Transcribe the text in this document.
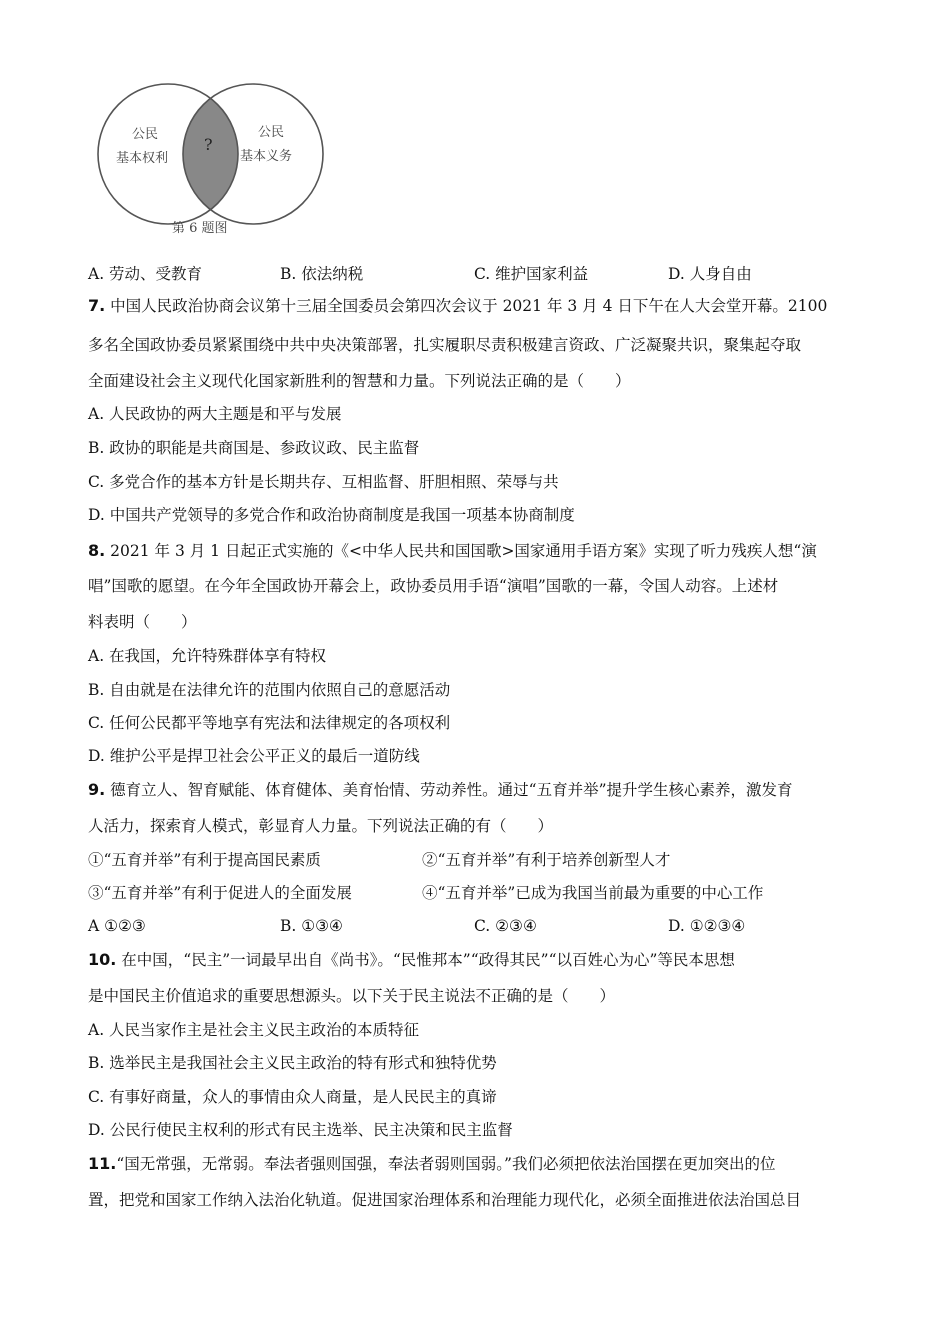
公民
基本权利
公民
基本义务
?
第 6 题图
A. 劳动、受教育	B. 依法纳税	C. 维护国家利益	D. 人身自由
7. 中国人民政治协商会议第十三届全国委员会第四次会议于 2021 年 3 月 4 日下午在人大会堂开幕。2100
多名全国政协委员紧紧围绕中共中央决策部署，扎实履职尽责积极建言资政、广泛凝聚共识，聚集起夺取
全面建设社会主义现代化国家新胜利的智慧和力量。下列说法正确的是（　　）
A. 人民政协的两大主题是和平与发展
B. 政协的职能是共商国是、参政议政、民主监督
C. 多党合作的基本方针是长期共存、互相监督、肝胆相照、荣辱与共
D. 中国共产党领导的多党合作和政治协商制度是我国一项基本协商制度
8. 2021 年 3 月 1 日起正式实施的《<中华人民共和国国歌>国家通用手语方案》实现了听力残疾人想“演
唱”国歌的愿望。在今年全国政协开幕会上，政协委员用手语“演唱”国歌的一幕，令国人动容。上述材
料表明（　　）
A. 在我国，允许特殊群体享有特权
B. 自由就是在法律允许的范围内依照自己的意愿活动
C. 任何公民都平等地享有宪法和法律规定的各项权利
D. 维护公平是捍卫社会公平正义的最后一道防线
9. 德育立人、智育赋能、体育健体、美育怡情、劳动养性。通过“五育并举”提升学生核心素养，激发育
人活力，探索育人模式，彰显育人力量。下列说法正确的有（　　）
①“五育并举”有利于提高国民素质	②“五育并举”有利于培养创新型人才
③“五育并举”有利于促进人的全面发展	④“五育并举”已成为我国当前最为重要的中心工作
A ①②③	B. ①③④	C. ②③④	D. ①②③④
10. 在中国，“民主”一词最早出自《尚书》。“民惟邦本”“政得其民”“以百姓心为心”等民本思想
是中国民主价值追求的重要思想源头。以下关于民主说法不正确的是（　　）
A. 人民当家作主是社会主义民主政治的本质特征
B. 选举民主是我国社会主义民主政治的特有形式和独特优势
C. 有事好商量，众人的事情由众人商量，是人民民主的真谛
D. 公民行使民主权利的形式有民主选举、民主决策和民主监督
11.“国无常强，无常弱。奉法者强则国强，奉法者弱则国弱。”我们必须把依法治国摆在更加突出的位
置，把党和国家工作纳入法治化轨道。促进国家治理体系和治理能力现代化，必须全面推进依法治国总目
